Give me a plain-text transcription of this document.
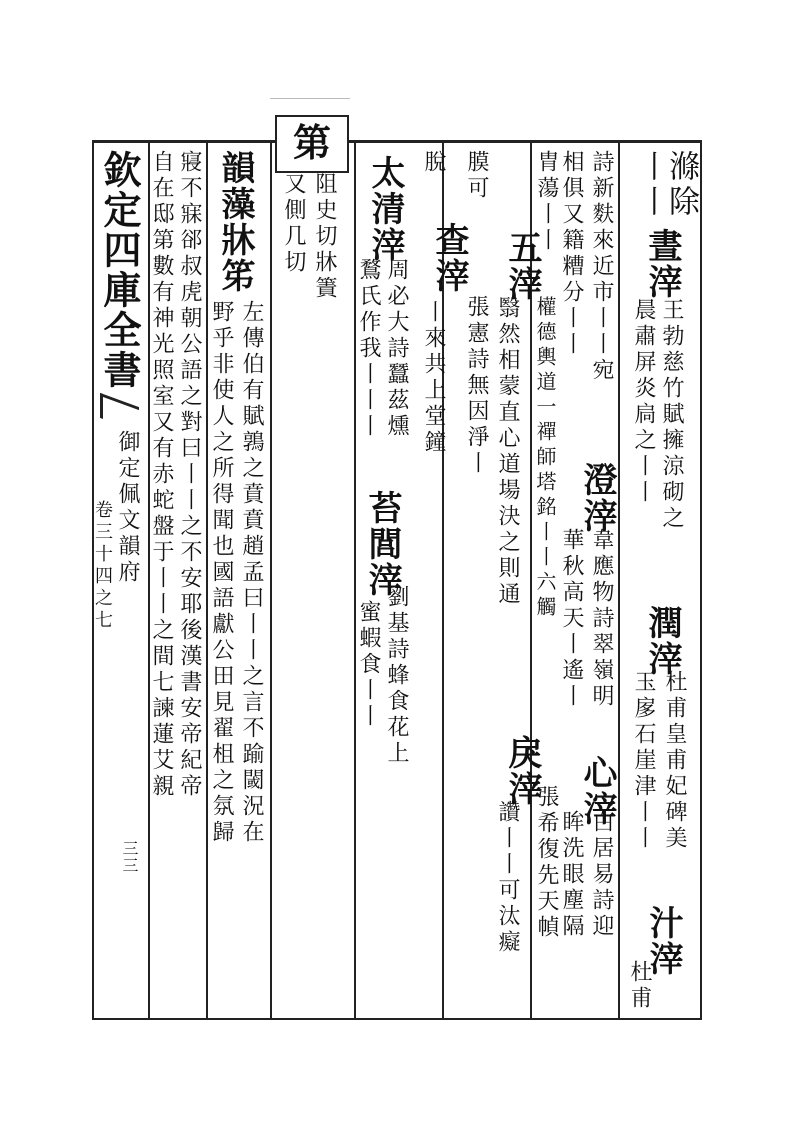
欽定四庫全書
御定佩文韻府
卷三十四之七
三三
第
滌除
丨丨
晝滓
王勃慈竹賦擁涼砌之
潤滓
杜甫皇甫妃碑美
晨肅屏炎扃之丨丨
玉扅石崖津丨丨
汁滓
杜甫
詩新麩來近市丨丨宛
澄滓
韋應物詩翠嶺明
心滓
白居易詩迎
相俱又籍糟分丨丨
華秋高天丨遙丨
眸洗眼塵隔
胄蕩丨丨
五滓
權德輿道一禪師塔銘丨丨六觸
戾滓
張希復先天幀
翳然相蒙直心道場決之則通
讚丨丨可汰癡
膜可
查滓
張憲詩無因淨丨
脫
丨來共上堂鐘
太清滓
周必大詩蠶茲燻
鶩氏作我丨丨丨
苔閭滓
劉基詩蜂食花上
蜜蝦食丨丨
阻史切牀簀
又側几切
左傳伯有賦鶉之賁賁趙孟曰丨丨之言不踰閾況在
韻藻牀笫
野乎非使人之所得聞也國語獻公田見翟柤之氛歸
寢不寐郤叔虎朝公語之對曰丨丨之不安耶後漢書安帝紀帝
自在邸第數有神光照室又有赤蛇盤于丨丨之間七諫蓮艾親
